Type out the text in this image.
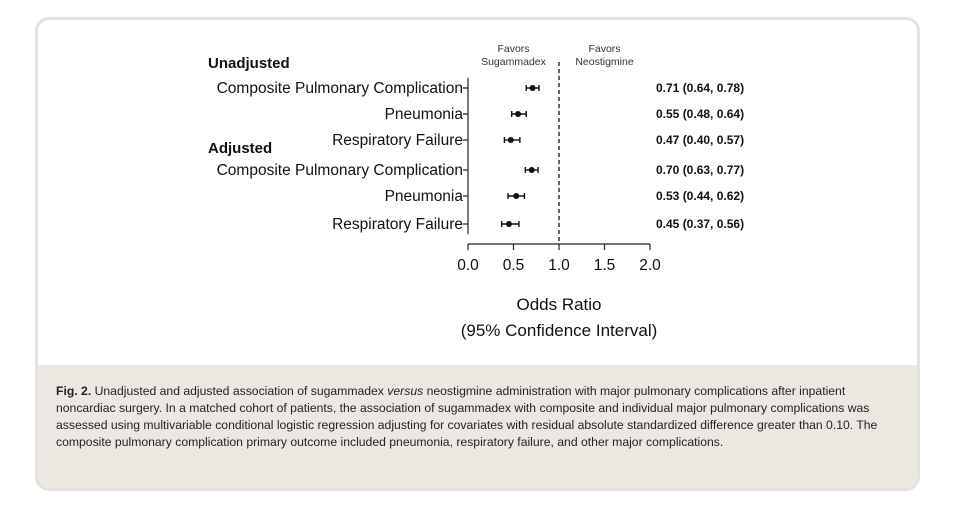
Favors
Sugammadex
Favors
Neostigmine
Unadjusted
Adjusted
Composite Pulmonary Complication	0.71 (0.64, 0.78)
Pneumonia	0.55 (0.48, 0.64)
Respiratory Failure	0.47 (0.40, 0.57)
Composite Pulmonary Complication	0.70 (0.63, 0.77)
Pneumonia	0.53 (0.44, 0.62)
Respiratory Failure	0.45 (0.37, 0.56)
0.0 0.5 1.0 1.5 2.0
Odds Ratio
(95% Confidence Interval)
Fig. 2. Unadjusted and adjusted association of sugammadex versus neostigmine administration with major pulmonary complications after inpatient noncardiac surgery. In a matched cohort of patients, the association of sugammadex with composite and individual major pulmonary complications was assessed using multivariable conditional logistic regression adjusting for covariates with residual absolute standardized difference greater than 0.10. The composite pulmonary complication primary outcome included pneumonia, respiratory failure, and other major complications.
